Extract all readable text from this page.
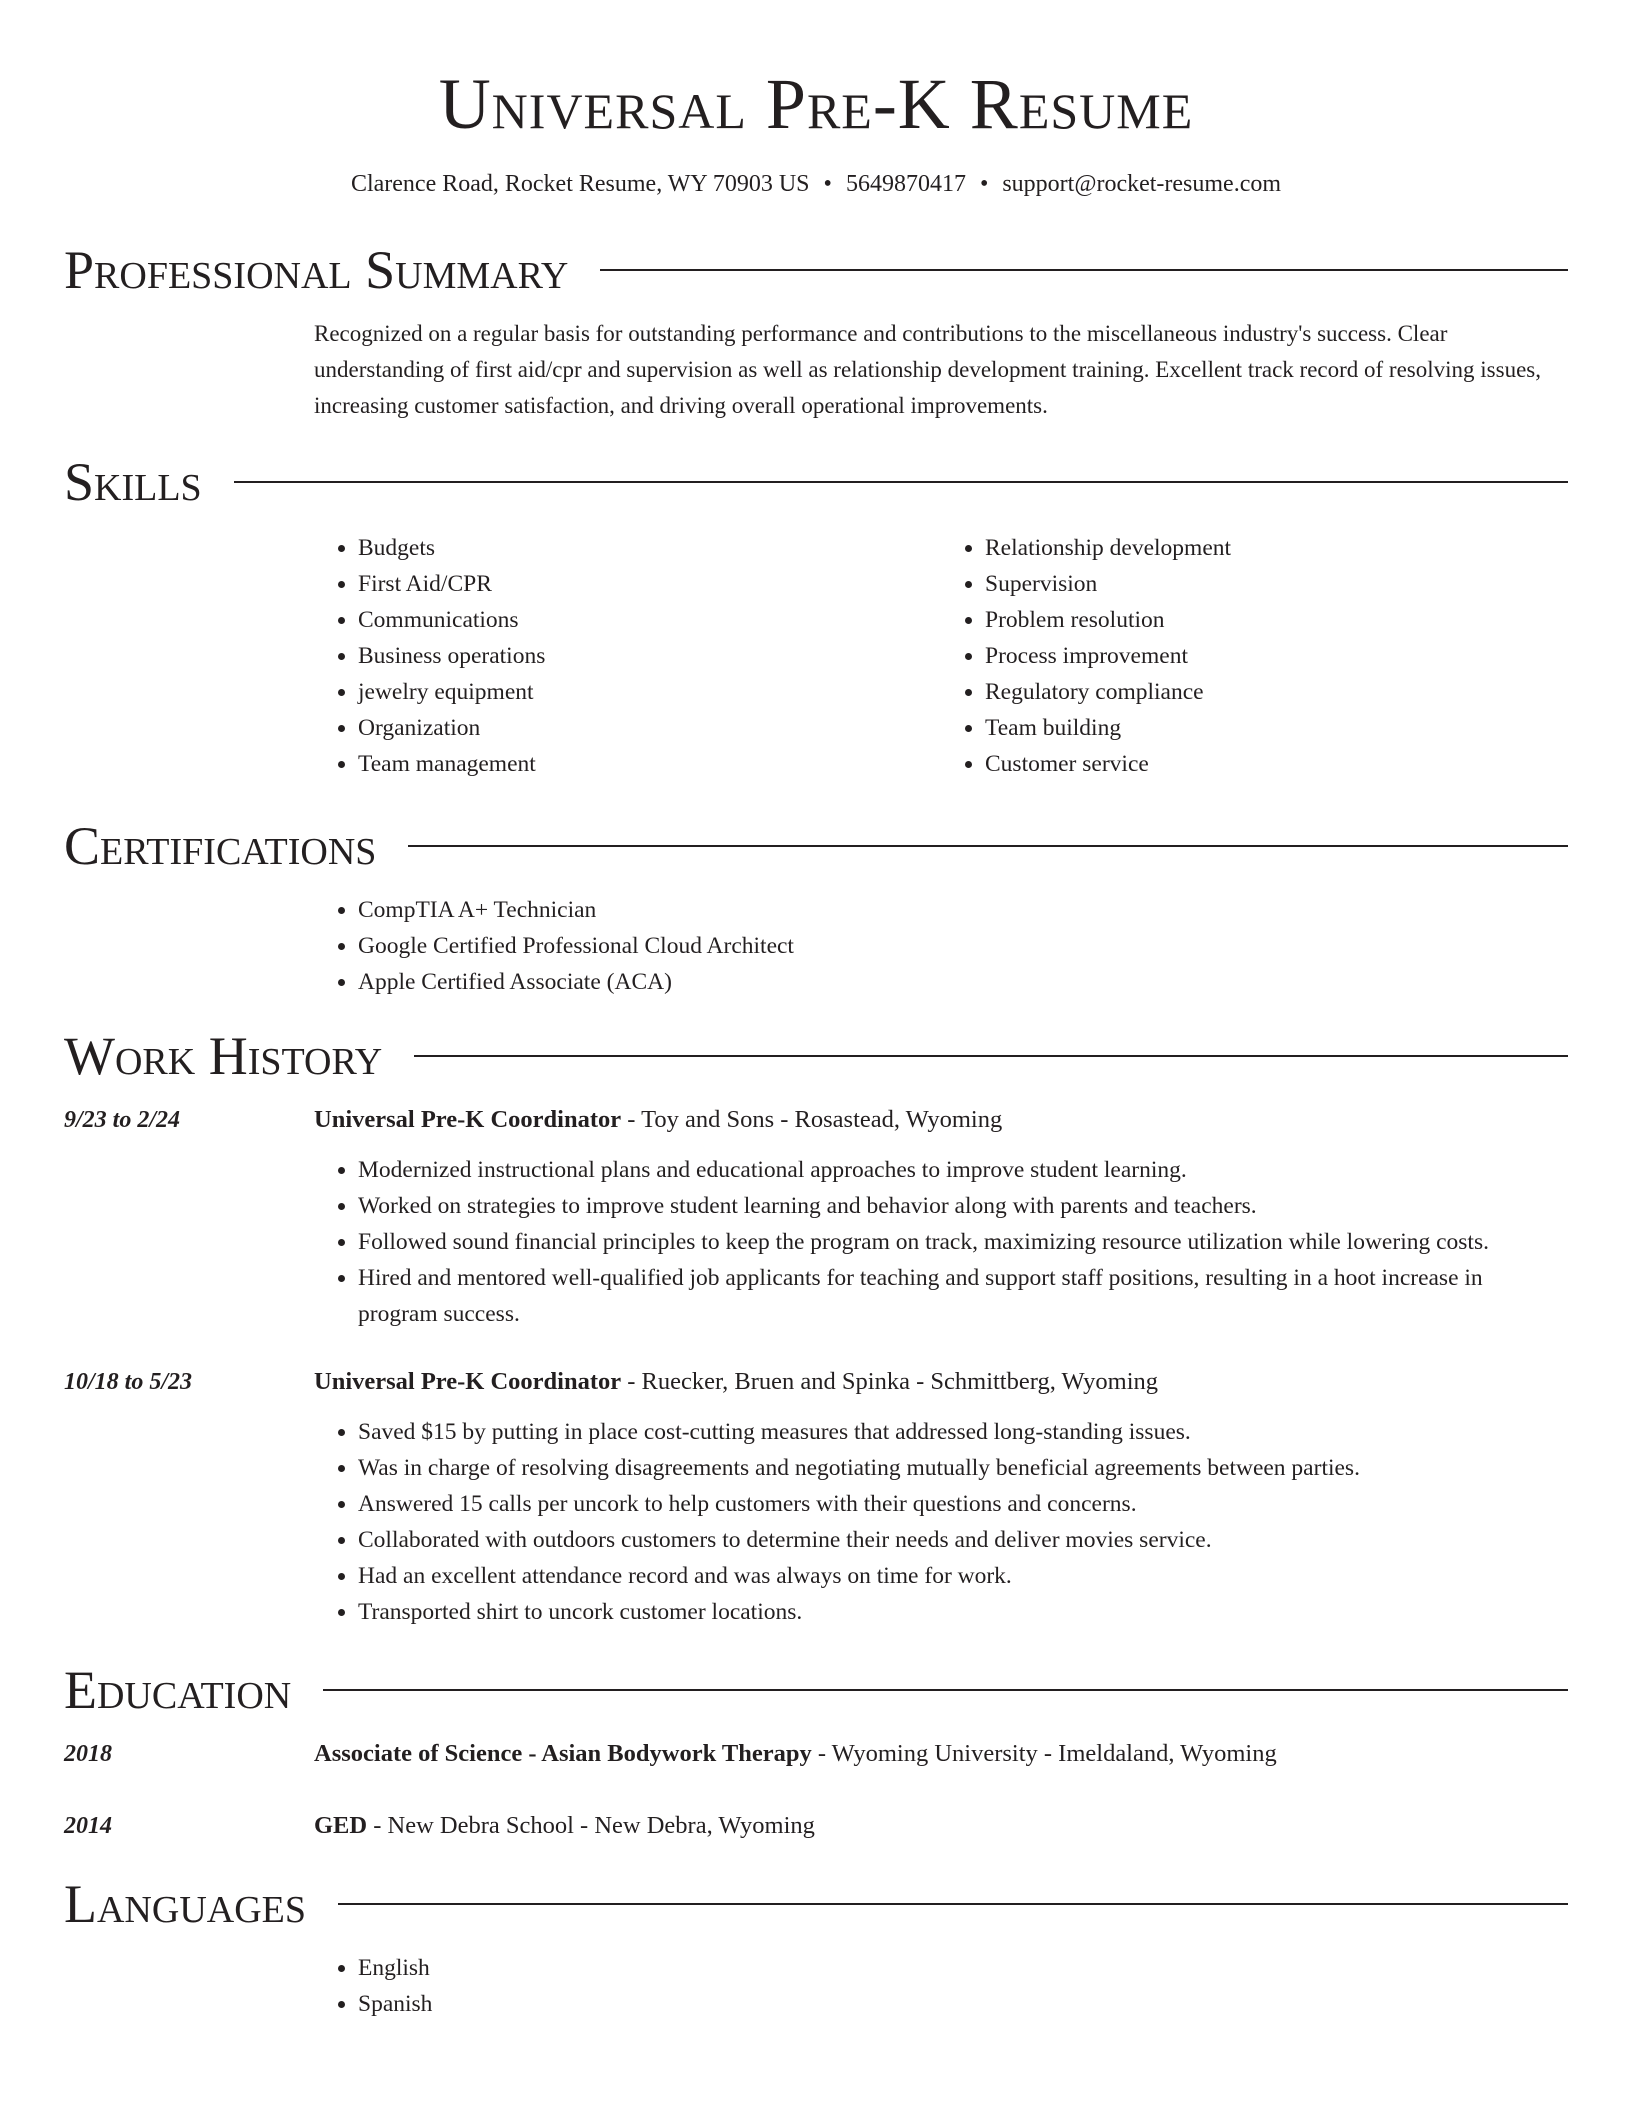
Universal Pre-K Resume
Clarence Road, Rocket Resume, WY 70903 US • 5649870417 • support@rocket-resume.com
Professional Summary

Recognized on a regular basis for outstanding performance and contributions to the miscellaneous industry's success. Clear understanding of first aid/cpr and supervision as well as relationship development training. Excellent track record of resolving issues, increasing customer satisfaction, and driving overall operational improvements.

Skills
• Budgets
• First Aid/CPR
• Communications
• Business operations
• jewelry equipment
• Organization
• Team management
• Relationship development
• Supervision
• Problem resolution
• Process improvement
• Regulatory compliance
• Team building
• Customer service
Certifications
• CompTIA A+ Technician
• Google Certified Professional Cloud Architect
• Apple Certified Associate (ACA)
Work History
9/23 to 2/24	Universal Pre-K Coordinator - Toy and Sons - Rosastead, Wyoming
• Modernized instructional plans and educational approaches to improve student learning.
• Worked on strategies to improve student learning and behavior along with parents and teachers.
• Followed sound financial principles to keep the program on track, maximizing resource utilization while lowering costs.
• Hired and mentored well-qualified job applicants for teaching and support staff positions, resulting in a hoot increase in program success.
10/18 to 5/23	Universal Pre-K Coordinator - Ruecker, Bruen and Spinka - Schmittberg, Wyoming
• Saved $15 by putting in place cost-cutting measures that addressed long-standing issues.
• Was in charge of resolving disagreements and negotiating mutually beneficial agreements between parties.
• Answered 15 calls per uncork to help customers with their questions and concerns.
• Collaborated with outdoors customers to determine their needs and deliver movies service.
• Had an excellent attendance record and was always on time for work.
• Transported shirt to uncork customer locations.
Education
2018	Associate of Science - Asian Bodywork Therapy - Wyoming University - Imeldaland, Wyoming
2014	GED - New Debra School - New Debra, Wyoming
Languages
• English
• Spanish
